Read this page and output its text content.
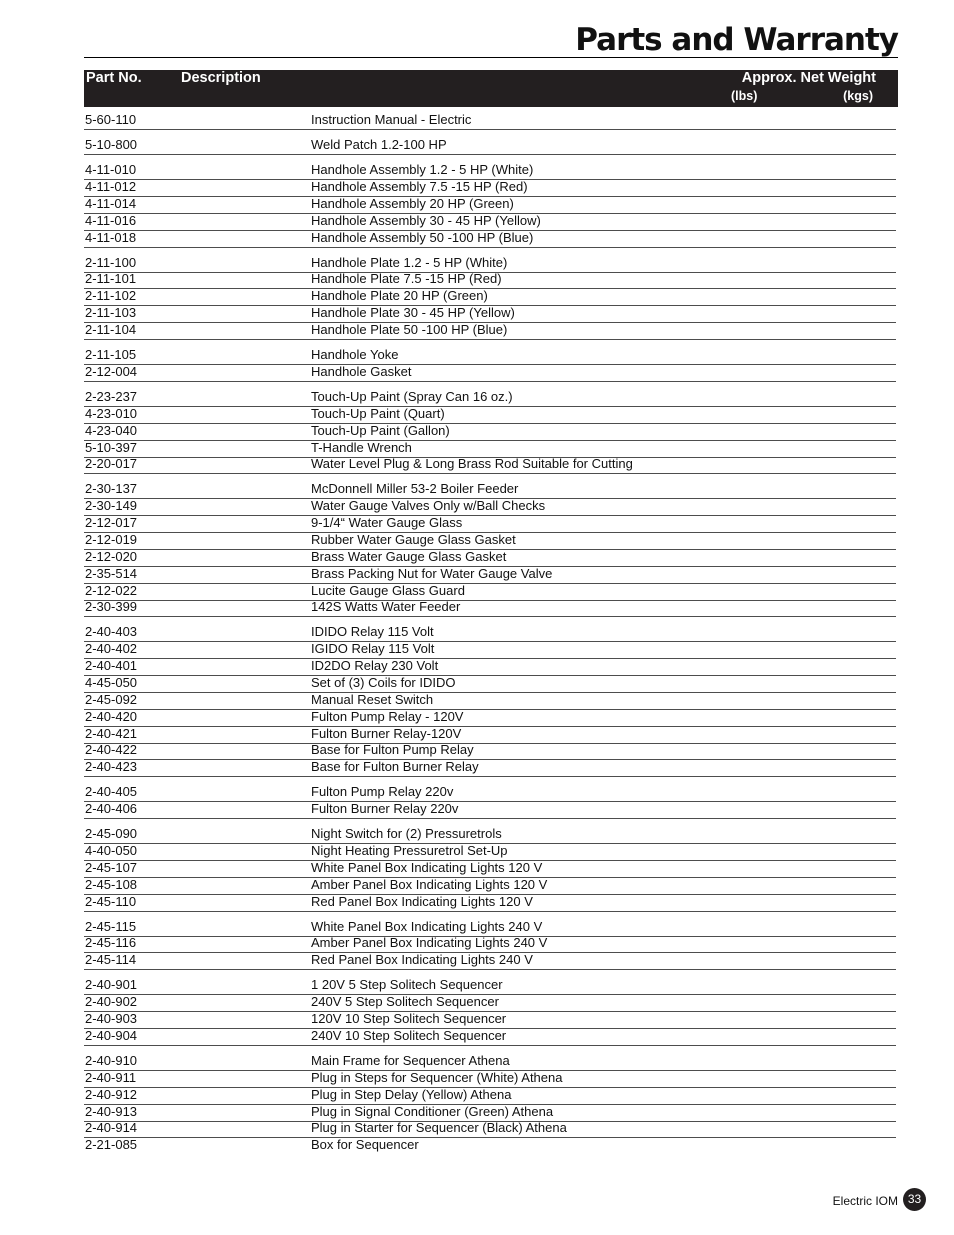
Parts and Warranty
Part No.	Description	Approx. Net Weight
(lbs)	(kgs)
5-60-110	Instruction Manual - Electric
5-10-800	Weld Patch 1.2-100 HP
4-11-010	Handhole Assembly 1.2 - 5 HP (White)
4-11-012	Handhole Assembly 7.5 -15 HP (Red)
4-11-014	Handhole Assembly 20 HP (Green)
4-11-016	Handhole Assembly 30 - 45 HP (Yellow)
4-11-018	Handhole Assembly 50 -100 HP (Blue)
2-11-100	Handhole Plate 1.2 - 5 HP (White)
2-11-101	Handhole Plate 7.5 -15 HP (Red)
2-11-102	Handhole Plate 20 HP (Green)
2-11-103	Handhole Plate 30 - 45 HP (Yellow)
2-11-104	Handhole Plate 50 -100 HP (Blue)
2-11-105	Handhole Yoke
2-12-004	Handhole Gasket
2-23-237	Touch-Up Paint (Spray Can 16 oz.)
4-23-010	Touch-Up Paint (Quart)
4-23-040	Touch-Up Paint (Gallon)
5-10-397	T-Handle Wrench
2-20-017	Water Level Plug & Long Brass Rod Suitable for Cutting
2-30-137	McDonnell Miller 53-2 Boiler Feeder
2-30-149	Water Gauge Valves Only w/Ball Checks
2-12-017	9-1/4“ Water Gauge Glass
2-12-019	Rubber Water Gauge Glass Gasket
2-12-020	Brass Water Gauge Glass Gasket
2-35-514	Brass Packing Nut for Water Gauge Valve
2-12-022	Lucite Gauge Glass Guard
2-30-399	142S Watts Water Feeder
2-40-403	IDIDO Relay 115 Volt
2-40-402	IGIDO Relay 115 Volt
2-40-401	ID2DO Relay 230 Volt
4-45-050	Set of (3) Coils for IDIDO
2-45-092	Manual Reset Switch
2-40-420	Fulton Pump Relay - 120V
2-40-421	Fulton Burner Relay-120V
2-40-422	Base for Fulton Pump Relay
2-40-423	Base for Fulton Burner Relay
2-40-405	Fulton Pump Relay 220v
2-40-406	Fulton Burner Relay 220v
2-45-090	Night Switch for (2) Pressuretrols
4-40-050	Night Heating Pressuretrol Set-Up
2-45-107	White Panel Box Indicating Lights 120 V
2-45-108	Amber Panel Box Indicating Lights 120 V
2-45-110	Red Panel Box Indicating Lights 120 V
2-45-115	White Panel Box Indicating Lights 240 V
2-45-116	Amber Panel Box Indicating Lights 240 V
2-45-114	Red Panel Box Indicating Lights 240 V
2-40-901	1 20V 5 Step Solitech Sequencer
2-40-902	240V 5 Step Solitech Sequencer
2-40-903	120V 10 Step Solitech Sequencer
2-40-904	240V 10 Step Solitech Sequencer
2-40-910	Main Frame for Sequencer Athena
2-40-911	Plug in Steps for Sequencer (White) Athena
2-40-912	Plug in Step Delay (Yellow) Athena
2-40-913	Plug in Signal Conditioner (Green) Athena
2-40-914	Plug in Starter for Sequencer (Black) Athena
2-21-085	Box for Sequencer
Electric IOM 33
